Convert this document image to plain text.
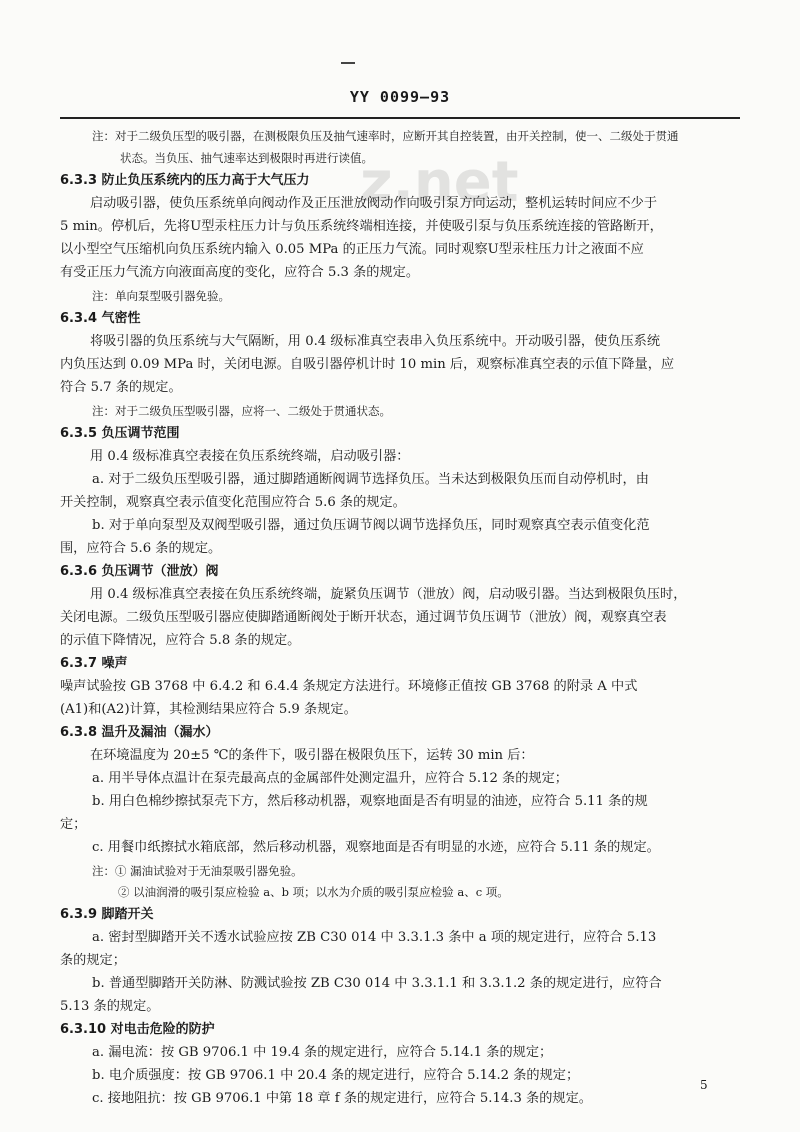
YY 0099—93
z.net
注：对于二级负压型的吸引器，在测极限负压及抽气速率时，应断开其自控装置，由开关控制，使一、二级处于贯通
状态。当负压、抽气速率达到极限时再进行读值。
6.3.3 防止负压系统内的压力高于大气压力
启动吸引器，使负压系统单向阀动作及正压泄放阀动作向吸引泵方向运动，整机运转时间应不少于
5 min。停机后，先将U型汞柱压力计与负压系统终端相连接，并使吸引泵与负压系统连接的管路断开，
以小型空气压缩机向负压系统内输入 0.05 MPa 的正压力气流。同时观察U型汞柱压力计之液面不应
有受正压力气流方向液面高度的变化，应符合 5.3 条的规定。
注：单向泵型吸引器免验。
6.3.4 气密性
将吸引器的负压系统与大气隔断，用 0.4 级标准真空表串入负压系统中。开动吸引器，使负压系统
内负压达到 0.09 MPa 时，关闭电源。自吸引器停机计时 10 min 后，观察标准真空表的示值下降量，应
符合 5.7 条的规定。
注：对于二级负压型吸引器，应将一、二级处于贯通状态。
6.3.5 负压调节范围
用 0.4 级标准真空表接在负压系统终端，启动吸引器：
a. 对于二级负压型吸引器，通过脚踏通断阀调节选择负压。当未达到极限负压而自动停机时，由
开关控制，观察真空表示值变化范围应符合 5.6 条的规定。
b. 对于单向泵型及双阀型吸引器，通过负压调节阀以调节选择负压，同时观察真空表示值变化范
围，应符合 5.6 条的规定。
6.3.6 负压调节（泄放）阀
用 0.4 级标准真空表接在负压系统终端，旋紧负压调节（泄放）阀，启动吸引器。当达到极限负压时，
关闭电源。二级负压型吸引器应使脚踏通断阀处于断开状态，通过调节负压调节（泄放）阀，观察真空表
的示值下降情况，应符合 5.8 条的规定。
6.3.7 噪声
噪声试验按 GB 3768 中 6.4.2 和 6.4.4 条规定方法进行。环境修正值按 GB 3768 的附录 A 中式
(A1)和(A2)计算，其检测结果应符合 5.9 条规定。
6.3.8 温升及漏油（漏水）
在环境温度为 20±5 ℃的条件下，吸引器在极限负压下，运转 30 min 后：
a. 用半导体点温计在泵壳最高点的金属部件处测定温升，应符合 5.12 条的规定；
b. 用白色棉纱擦拭泵壳下方，然后移动机器，观察地面是否有明显的油迹，应符合 5.11 条的规
定；
c. 用餐巾纸擦拭水箱底部，然后移动机器，观察地面是否有明显的水迹，应符合 5.11 条的规定。
注：① 漏油试验对于无油泵吸引器免验。
② 以油润滑的吸引泵应检验 a、b 项；以水为介质的吸引泵应检验 a、c 项。
6.3.9 脚踏开关
a. 密封型脚踏开关不透水试验应按 ZB C30 014 中 3.3.1.3 条中 a 项的规定进行，应符合 5.13
条的规定；
b. 普通型脚踏开关防淋、防溅试验按 ZB C30 014 中 3.3.1.1 和 3.3.1.2 条的规定进行，应符合
5.13 条的规定。
6.3.10 对电击危险的防护
a. 漏电流：按 GB 9706.1 中 19.4 条的规定进行，应符合 5.14.1 条的规定；
b. 电介质强度：按 GB 9706.1 中 20.4 条的规定进行，应符合 5.14.2 条的规定；
c. 接地阻抗：按 GB 9706.1 中第 18 章 f 条的规定进行，应符合 5.14.3 条的规定。
5
